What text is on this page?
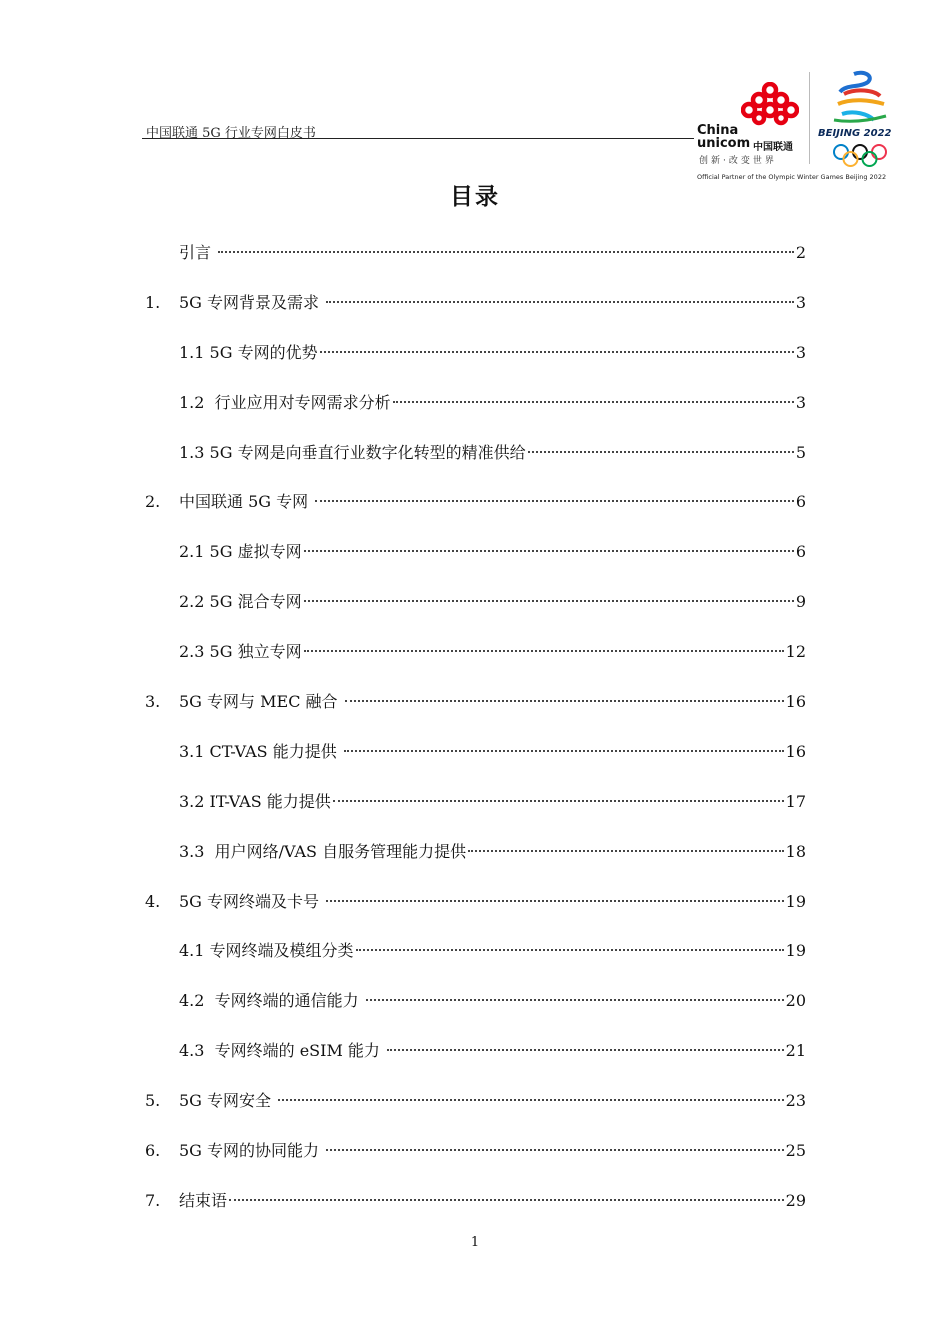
中国联通 5G 行业专网白皮书	China
unicom 中国联通
创新·改变世界
BEIJING 2022
Official Partner of the Olympic Winter Games Beijing 2022
目录
引言	2
1.	5G 专网背景及需求	3
1.1 5G 专网的优势	3
1.2  行业应用对专网需求分析	3
1.3 5G 专网是向垂直行业数字化转型的精准供给	5
2.	中国联通 5G 专网	6
2.1 5G 虚拟专网	6
2.2 5G 混合专网	9
2.3 5G 独立专网	12
3.	5G 专网与 MEC 融合	16
3.1 CT-VAS 能力提供	16
3.2 IT-VAS 能力提供	17
3.3  用户网络/VAS 自服务管理能力提供	18
4.	5G 专网终端及卡号	19
4.1 专网终端及模组分类	19
4.2  专网终端的通信能力	20
4.3  专网终端的 eSIM 能力	21
5.	5G 专网安全	23
6.	5G 专网的协同能力	25
7.	结束语	29
1
